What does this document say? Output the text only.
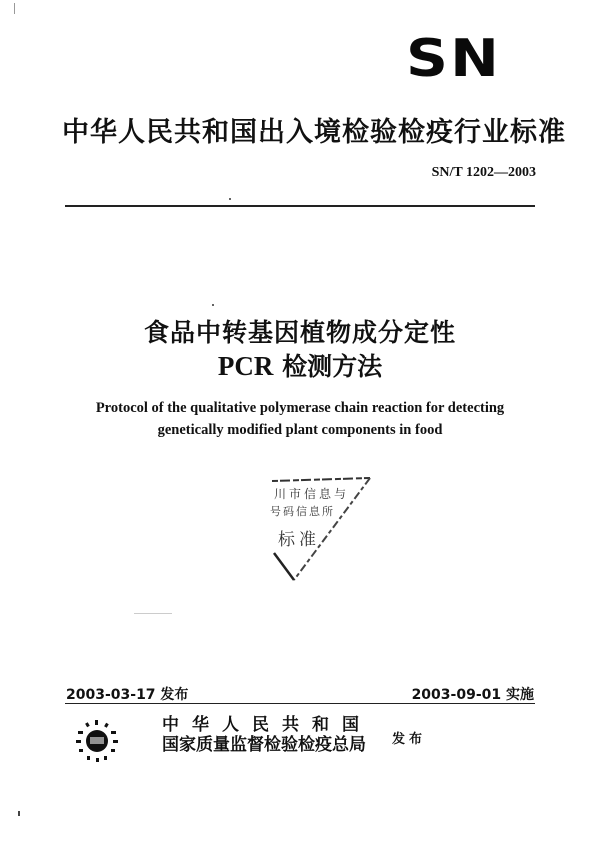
SN
中华人民共和国出入境检验检疫行业标准
SN/T 1202—2003
食品中转基因植物成分定性
PCR 检测方法
Protocol of the qualitative polymerase chain reaction for detecting
genetically modified plant components in food
川市信息与
号码信息所
标准
2003-03-17 发布	2003-09-01 实施
中华人民共和国
国家质量监督检验检疫总局	发布
